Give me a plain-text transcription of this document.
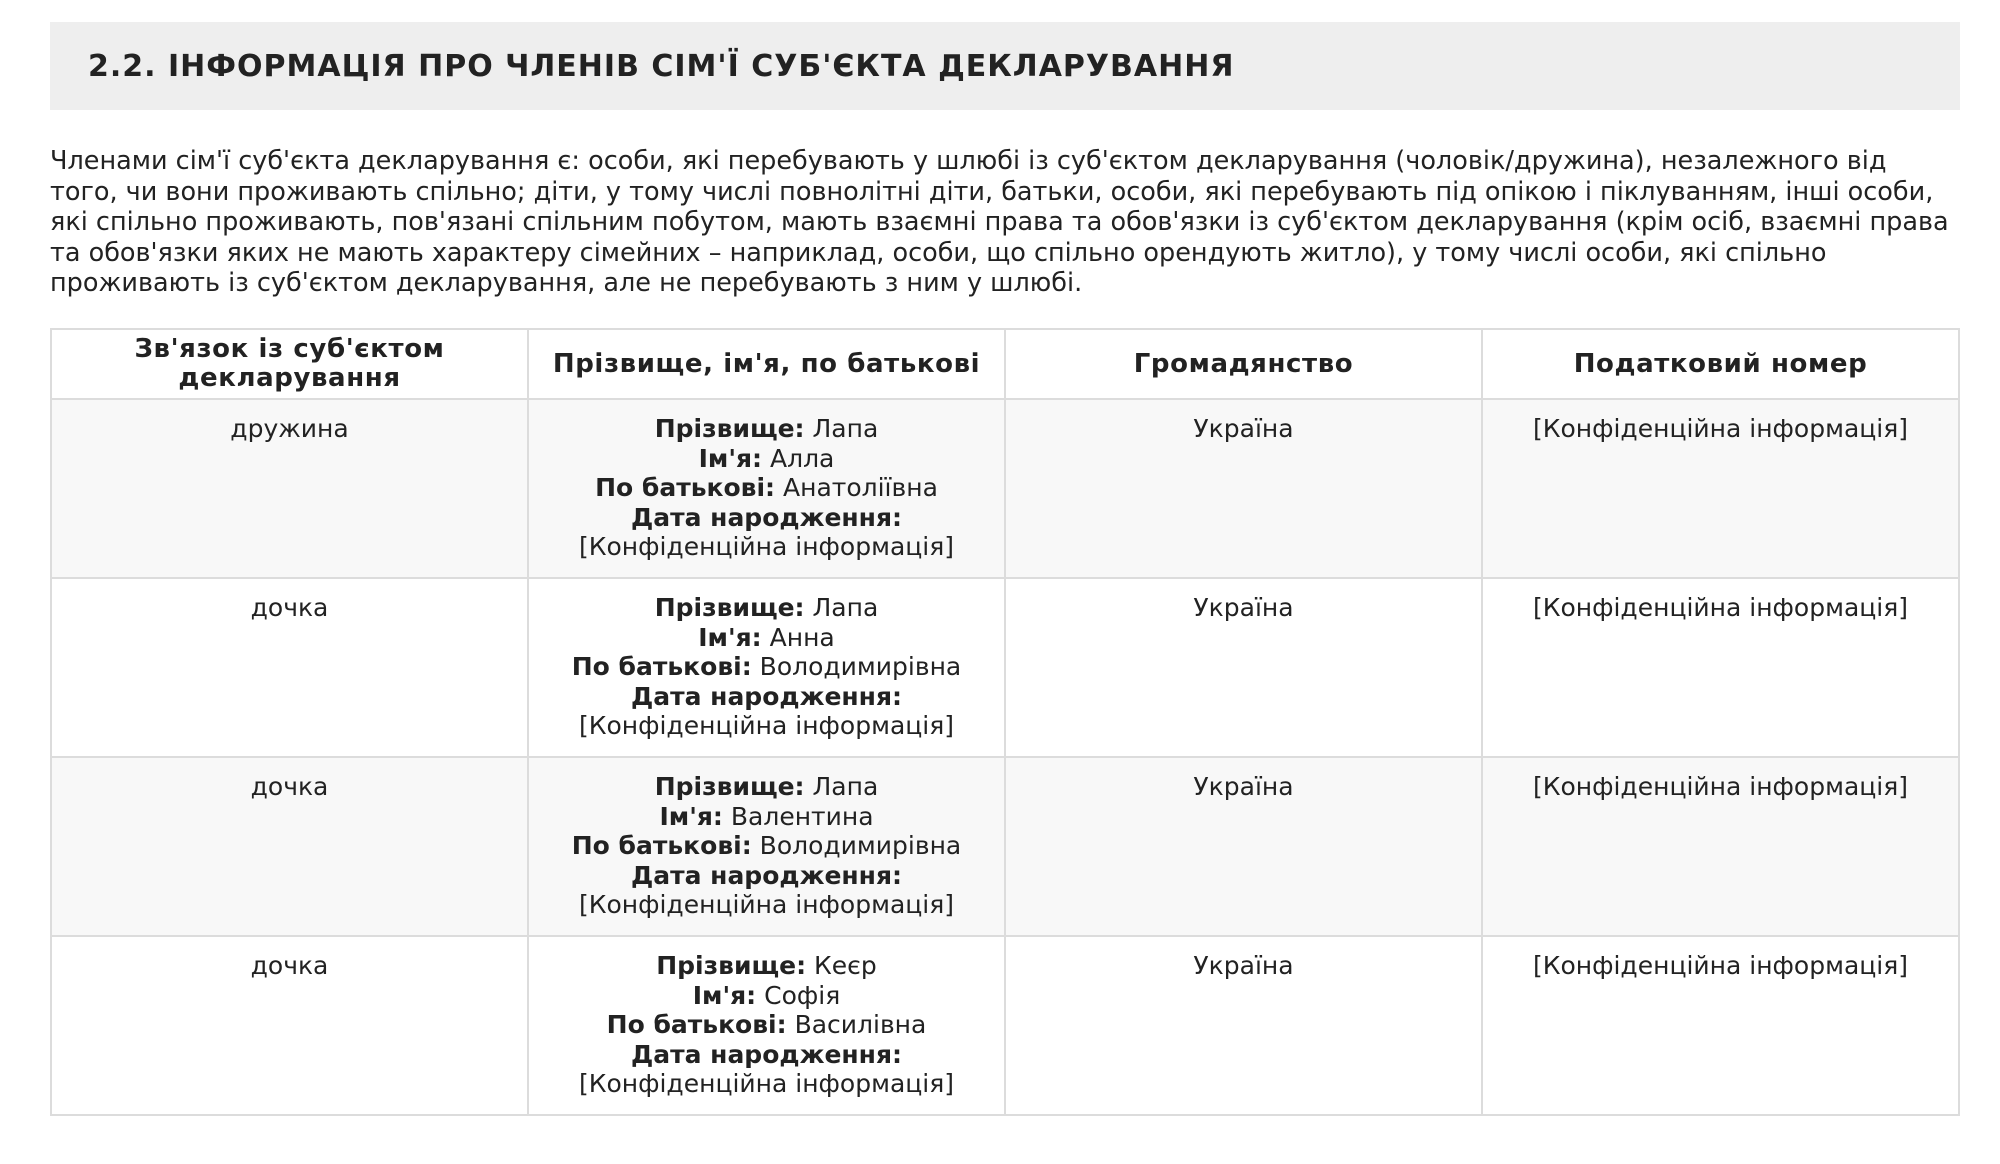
2.2. ІНФОРМАЦІЯ ПРО ЧЛЕНІВ СІМ'Ї СУБ'ЄКТА ДЕКЛАРУВАННЯ

Членами сім'ї суб'єкта декларування є: особи, які перебувають у шлюбі із суб'єктом декларування (чоловік/дружина), незалежного від того, чи вони проживають спільно; діти, у тому числі повнолітні діти, батьки, особи, які перебувають під опікою і піклуванням, інші особи, які спільно проживають, пов'язані спільним побутом, мають взаємні права та обов'язки із суб'єктом декларування (крім осіб, взаємні права та обов'язки яких не мають характеру сімейних – наприклад, особи, що спільно орендують житло), у тому числі особи, які спільно проживають із суб'єктом декларування, але не перебувають з ним у шлюбі.

Зв'язок із суб'єктом декларування	Прізвище, ім'я, по батькові	Громадянство	Податковий номер
дружина	Прізвище: Лапа
Ім'я: Алла
По батькові: Анатоліївна
Дата народження:
[Конфіденційна інформація]	Україна	[Конфіденційна інформація]
дочка	Прізвище: Лапа
Ім'я: Анна
По батькові: Володимирівна
Дата народження:
[Конфіденційна інформація]	Україна	[Конфіденційна інформація]
дочка	Прізвище: Лапа
Ім'я: Валентина
По батькові: Володимирівна
Дата народження:
[Конфіденційна інформація]	Україна	[Конфіденційна інформація]
дочка	Прізвище: Кеєр
Ім'я: Софія
По батькові: Василівна
Дата народження:
[Конфіденційна інформація]	Україна	[Конфіденційна інформація]
